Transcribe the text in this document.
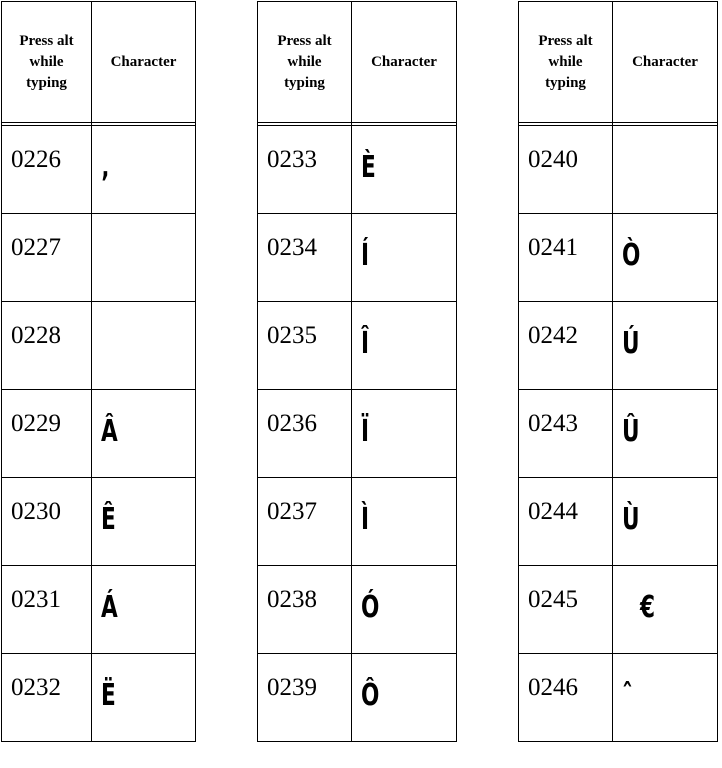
Press alt
while
typing	Character

0226	‚
0227	
0228	
0229	Â
0230	Ê
0231	Á
0232	Ë
Press alt
while
typing	Character

0233	È
0234	Í
0235	Î
0236	Ï
0237	Ì
0238	Ó
0239	Ô
Press alt
while
typing	Character

0240	
0241	Ò
0242	Ú
0243	Û
0244	Ù
0245	€
0246	ˆ
